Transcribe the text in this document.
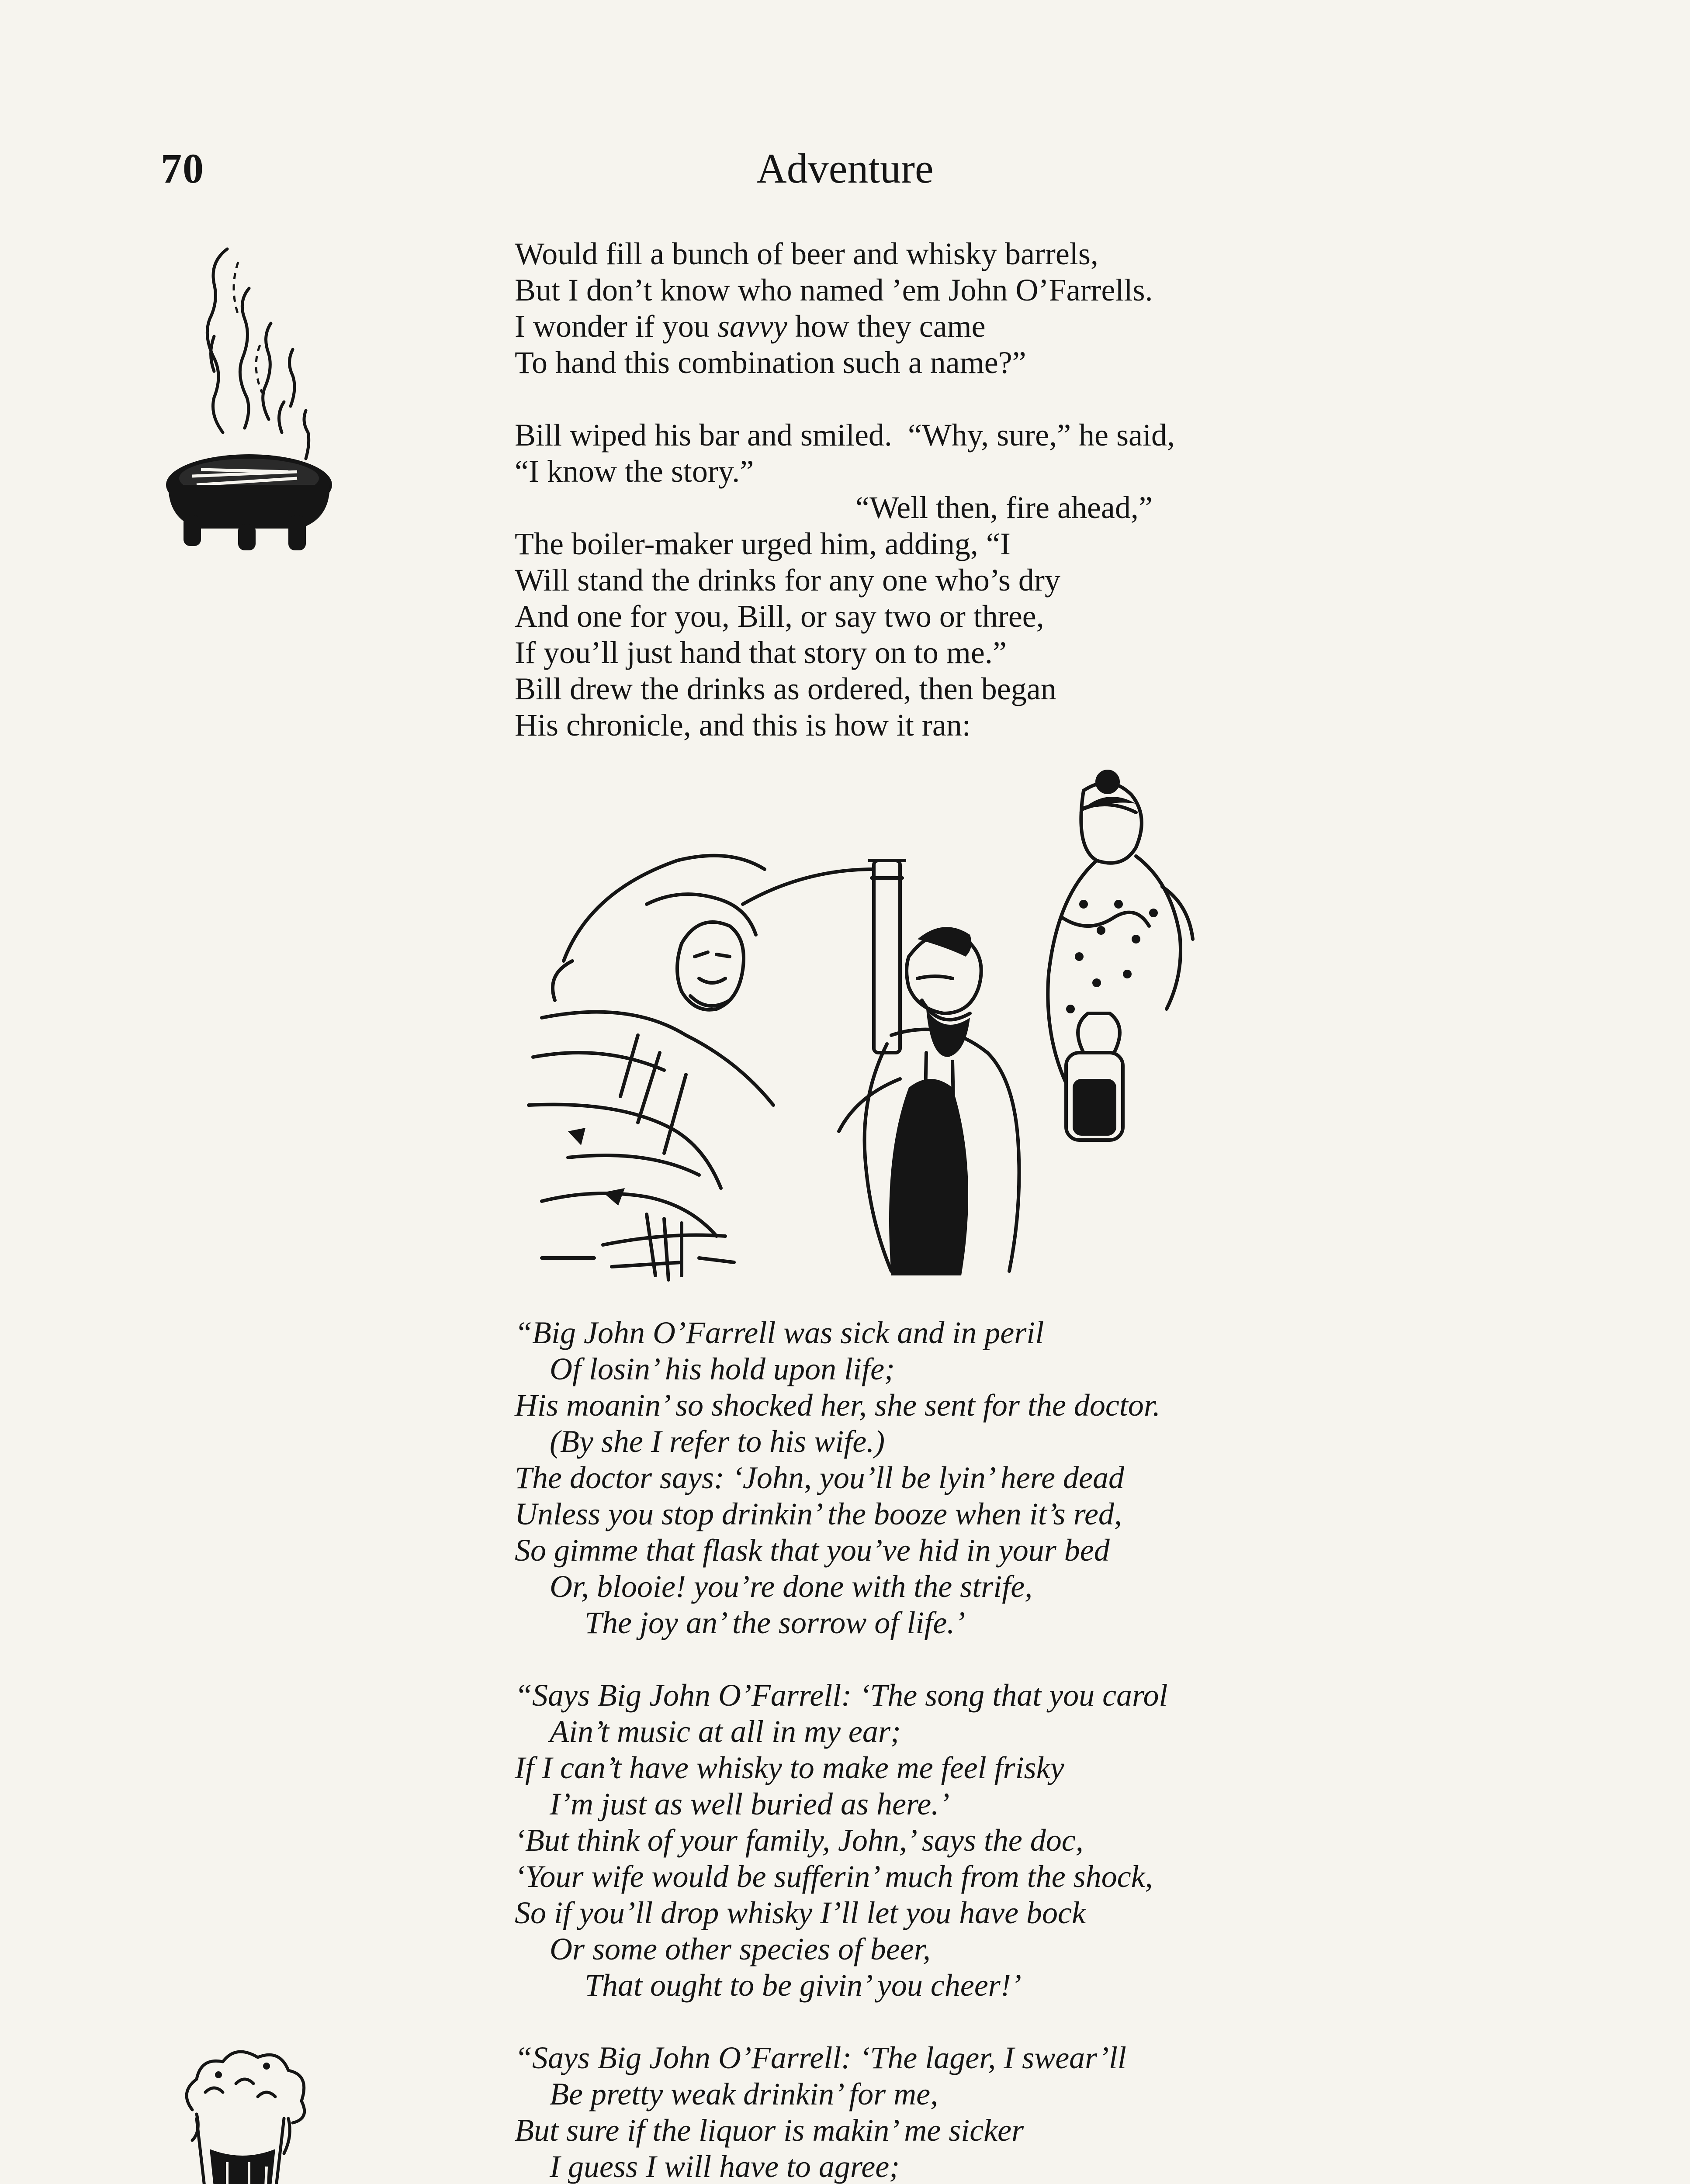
70	Adventure
Would fill a bunch of beer and whisky barrels,
But I don’t know who named ’em John O’Farrells.
I wonder if you savvy how they came
To hand this combination such a name?”
Bill wiped his bar and smiled.  “Why, sure,” he said,
“I know the story.”
“Well then, fire ahead,”
The boiler-maker urged him, adding, “I
Will stand the drinks for any one who’s dry
And one for you, Bill, or say two or three,
If you’ll just hand that story on to me.”
Bill drew the drinks as ordered, then began
His chronicle, and this is how it ran:
“Big John O’Farrell was sick and in peril
Of losin’ his hold upon life;
His moanin’ so shocked her, she sent for the doctor.
(By she I refer to his wife.)
The doctor says: ‘John, you’ll be lyin’ here dead
Unless you stop drinkin’ the booze when it’s red,
So gimme that flask that you’ve hid in your bed
Or, blooie! you’re done with the strife,
The joy an’ the sorrow of life.’
“Says Big John O’Farrell: ‘The song that you carol
Ain’t music at all in my ear;
If I can’t have whisky to make me feel frisky
I’m just as well buried as here.’
‘But think of your family, John,’ says the doc,
‘Your wife would be sufferin’ much from the shock,
So if you’ll drop whisky I’ll let you have bock
Or some other species of beer,
That ought to be givin’ you cheer!’
“Says Big John O’Farrell: ‘The lager, I swear’ll
Be pretty weak drinkin’ for me,
But sure if the liquor is makin’ me sicker
I guess I will have to agree;
